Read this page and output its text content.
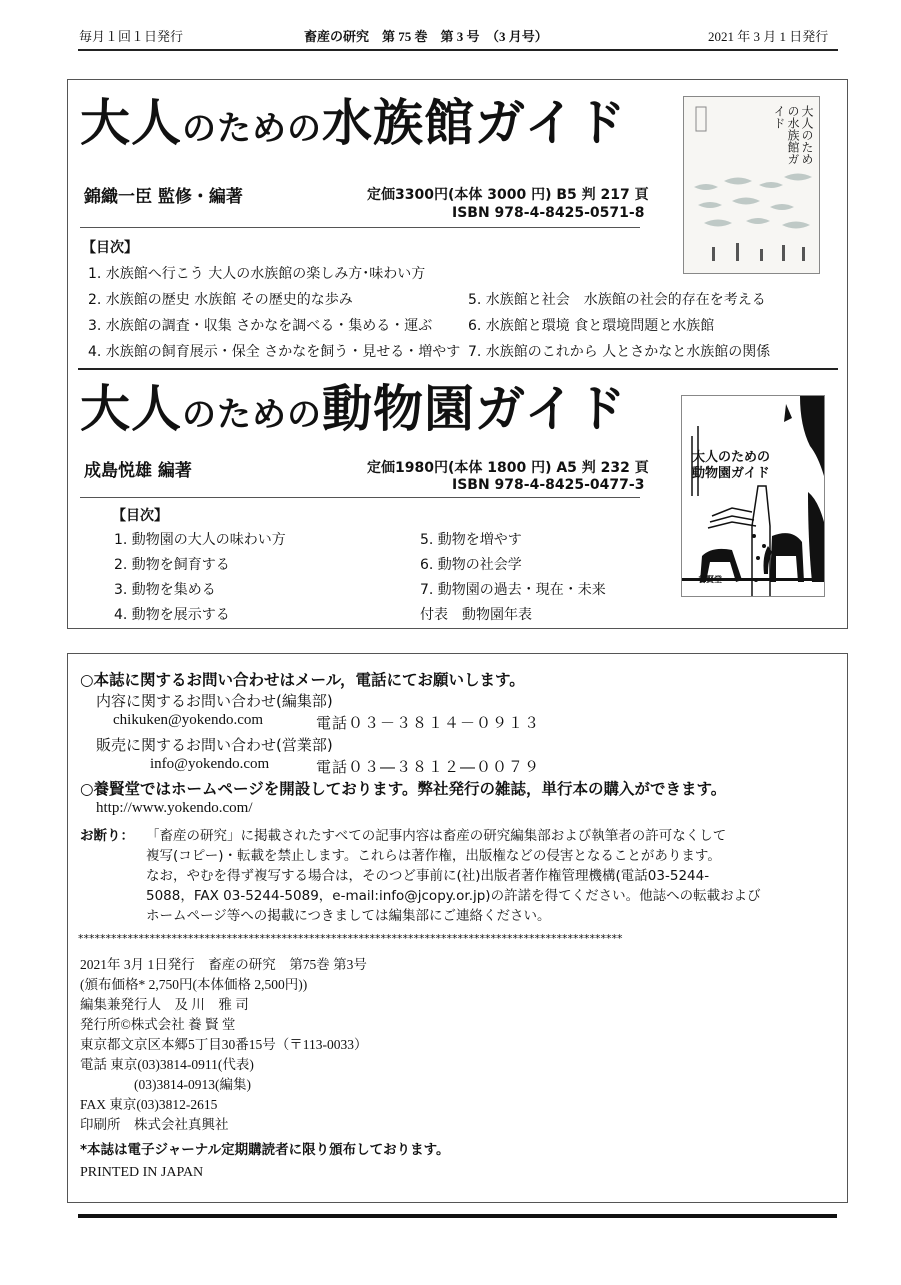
毎月１回１日発行	畜産の研究　第 75 巻　第 3 号　（3 月号）	2021 年 3 月 1 日発行
大人のための水族館ガイド
錦織一臣 監修・編著	定価3300円(本体 3000 円) B5 判 217 頁
ISBN 978-4-8425-0571-8
【目次】
1. 水族館へ行こう 大人の水族館の楽しみ方･味わい方
2. 水族館の歴史 水族館 その歴史的な歩み
3. 水族館の調査・収集 さかなを調べる・集める・運ぶ
4. 水族館の飼育展示・保全 さかなを飼う・見せる・増やす
5. 水族館と社会　水族館の社会的存在を考える
6. 水族館と環境 食と環境問題と水族館
7. 水族館のこれから 人とさかなと水族館の関係
大人のための水族館ガイド
大人のための動物園ガイド
成島悦雄 編著	定価1980円(本体 1800 円) A5 判 232 頁
ISBN 978-4-8425-0477-3
【目次】
1. 動物園の大人の味わい方
2. 動物を飼育する
3. 動物を集める
4. 動物を展示する
5. 動物を増やす
6. 動物の社会学
7. 動物園の過去・現在・未来
付表　動物園年表
大人のための
動物園ガイド
養賢堂
○本誌に関するお問い合わせはメール，電話にてお願いします。
内容に関するお問い合わせ(編集部)
chikuken@yokendo.com	電話０３－３８１４－０９１３
販売に関するお問い合わせ(営業部)
info@yokendo.com	電話０３―３８１２―００７９
○養賢堂ではホームページを開設しております。弊社発行の雑誌，単行本の購入ができます。
http://www.yokendo.com/
お断り： 「畜産の研究」に掲載されたすべての記事内容は畜産の研究編集部および執筆者の許可なくして
複写(コピー)・転載を禁止します。これらは著作権，出版権などの侵害となることがあります。
なお，やむを得ず複写する場合は，そのつど事前に(社)出版者著作権管理機構(電話03-5244-
5088，FAX 03-5244-5089，e-mail:info@jcopy.or.jp)の許諾を得てください。他誌への転載および
ホームページ等への掲載につきましては編集部にご連絡ください。
***************************************************************************************************
2021年 3月 1日発行　畜産の研究　第75巻 第3号
(頒布価格* 2,750円(本体価格 2,500円))
編集兼発行人　及 川　雅 司
発行所©株式会社 養 賢 堂
東京都文京区本郷5丁目30番15号（〒113-0033）
電話 東京(03)3814-0911(代表)
　　　　(03)3814-0913(編集)
FAX 東京(03)3812-2615
印刷所　株式会社真興社
*本誌は電子ジャーナル定期購読者に限り頒布しております。
PRINTED IN JAPAN
